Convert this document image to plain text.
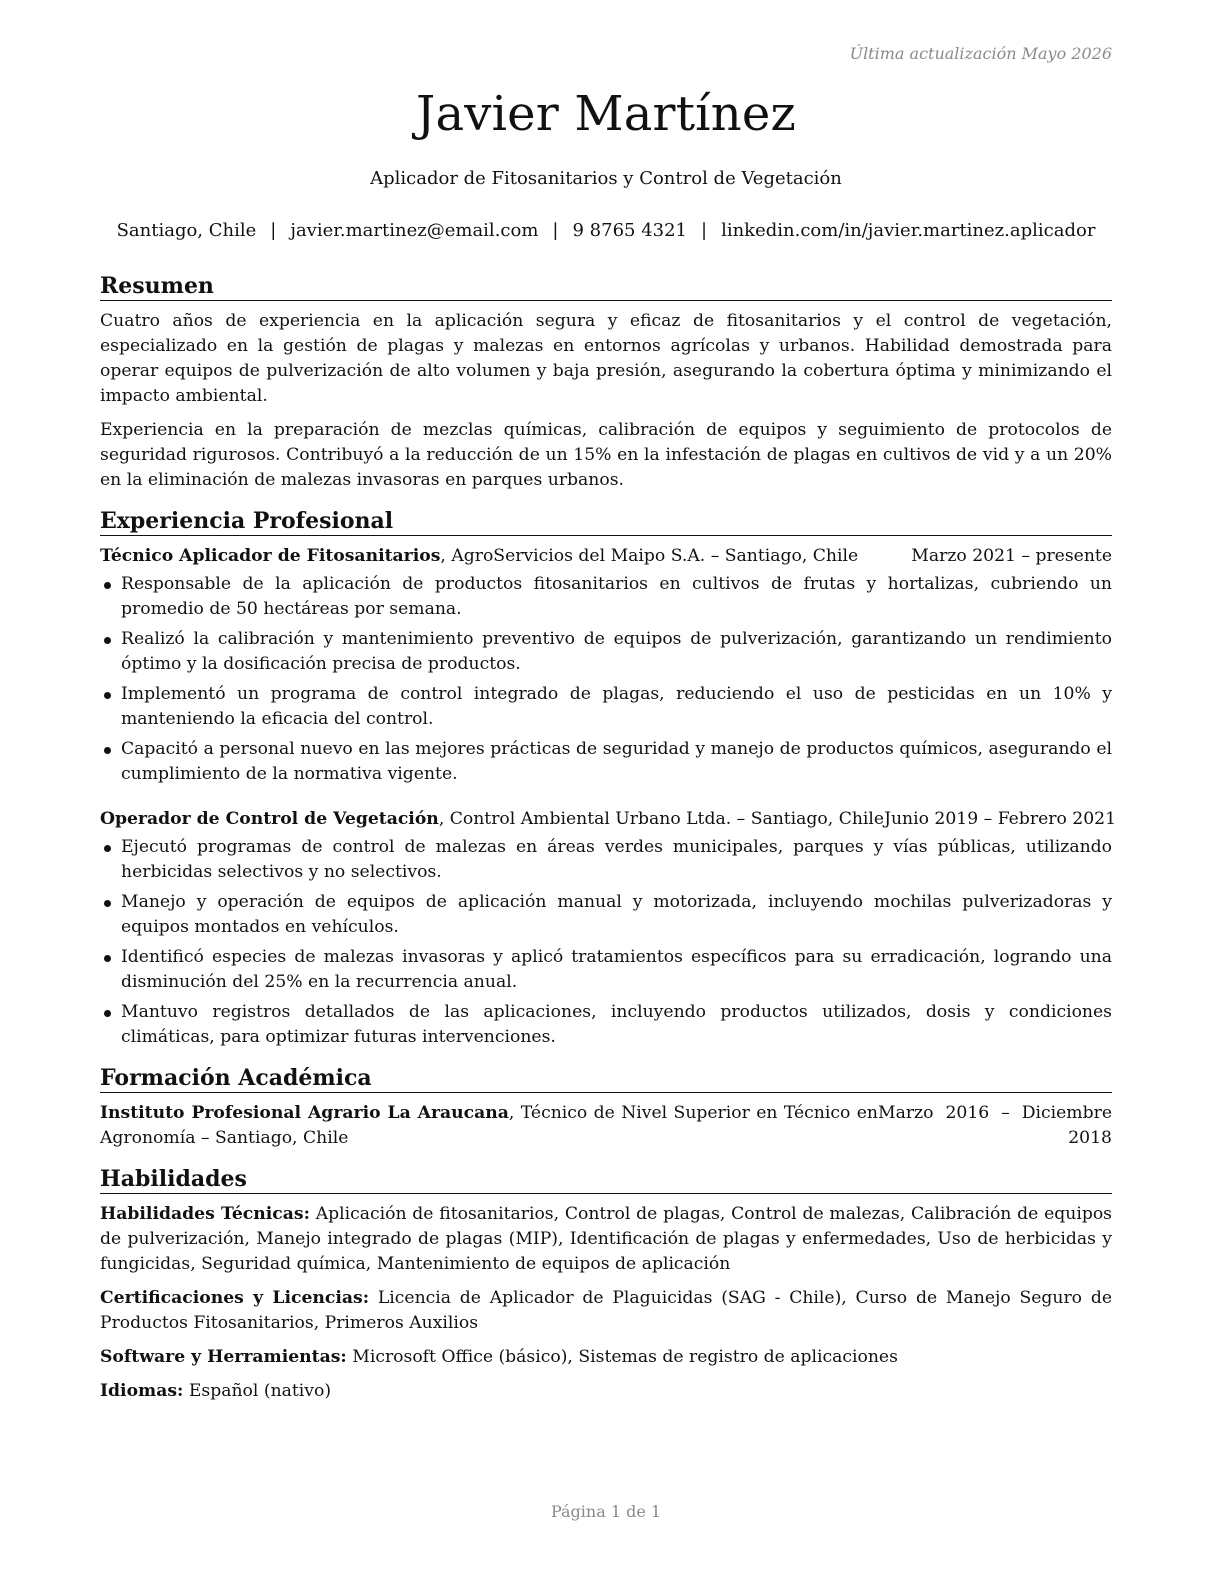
Última actualización Mayo 2026
Javier Martínez
Aplicador de Fitosanitarios y Control de Vegetación
Santiago, Chile | javier.martinez@email.com | 9 8765 4321 | linkedin.com/in/javier.martinez.aplicador
Resumen

Cuatro años de experiencia en la aplicación segura y eficaz de fitosanitarios y el control de vegetación, especializado en la gestión de plagas y malezas en entornos agrícolas y urbanos. Habilidad demostrada para operar equipos de pulverización de alto volumen y baja presión, asegurando la cobertura óptima y minimizando el impacto ambiental.

Experiencia en la preparación de mezclas químicas, calibración de equipos y seguimiento de protocolos de seguridad rigurosos. Contribuyó a la reducción de un 15% en la infestación de plagas en cultivos de vid y a un 20% en la eliminación de malezas invasoras en parques urbanos.

Experiencia Profesional
Técnico Aplicador de Fitosanitarios, AgroServicios del Maipo S.A. – Santiago, Chile	Marzo 2021 – presente
Responsable de la aplicación de productos fitosanitarios en cultivos de frutas y hortalizas, cubriendo un promedio de 50 hectáreas por semana.
Realizó la calibración y mantenimiento preventivo de equipos de pulverización, garantizando un rendimiento óptimo y la dosificación precisa de productos.
Implementó un programa de control integrado de plagas, reduciendo el uso de pesticidas en un 10% y manteniendo la eficacia del control.
Capacitó a personal nuevo en las mejores prácticas de seguridad y manejo de productos químicos, asegurando el cumplimiento de la normativa vigente.
Operador de Control de Vegetación, Control Ambiental Urbano Ltda. – Santiago, Chile Junio 2019 – Febrero 2021
Ejecutó programas de control de malezas en áreas verdes municipales, parques y vías públicas, utilizando herbicidas selectivos y no selectivos.
Manejo y operación de equipos de aplicación manual y motorizada, incluyendo mochilas pulverizadoras y equipos montados en vehículos.
Identificó especies de malezas invasoras y aplicó tratamientos específicos para su erradicación, logrando una disminución del 25% en la recurrencia anual.
Mantuvo registros detallados de las aplicaciones, incluyendo productos utilizados, dosis y condiciones climáticas, para optimizar futuras intervenciones.
Formación Académica
Instituto Profesional Agrario La Araucana, Técnico de Nivel Superior en Técnico en Agronomía – Santiago, Chile
Marzo 2016 – Diciembre 2018
Habilidades

Habilidades Técnicas: Aplicación de fitosanitarios, Control de plagas, Control de malezas, Calibración de equipos de pulverización, Manejo integrado de plagas (MIP), Identificación de plagas y enfermedades, Uso de herbicidas y fungicidas, Seguridad química, Mantenimiento de equipos de aplicación

Certificaciones y Licencias: Licencia de Aplicador de Plaguicidas (SAG - Chile), Curso de Manejo Seguro de Productos Fitosanitarios, Primeros Auxilios

Software y Herramientas: Microsoft Office (básico), Sistemas de registro de aplicaciones

Idiomas: Español (nativo)

Página 1 de 1
